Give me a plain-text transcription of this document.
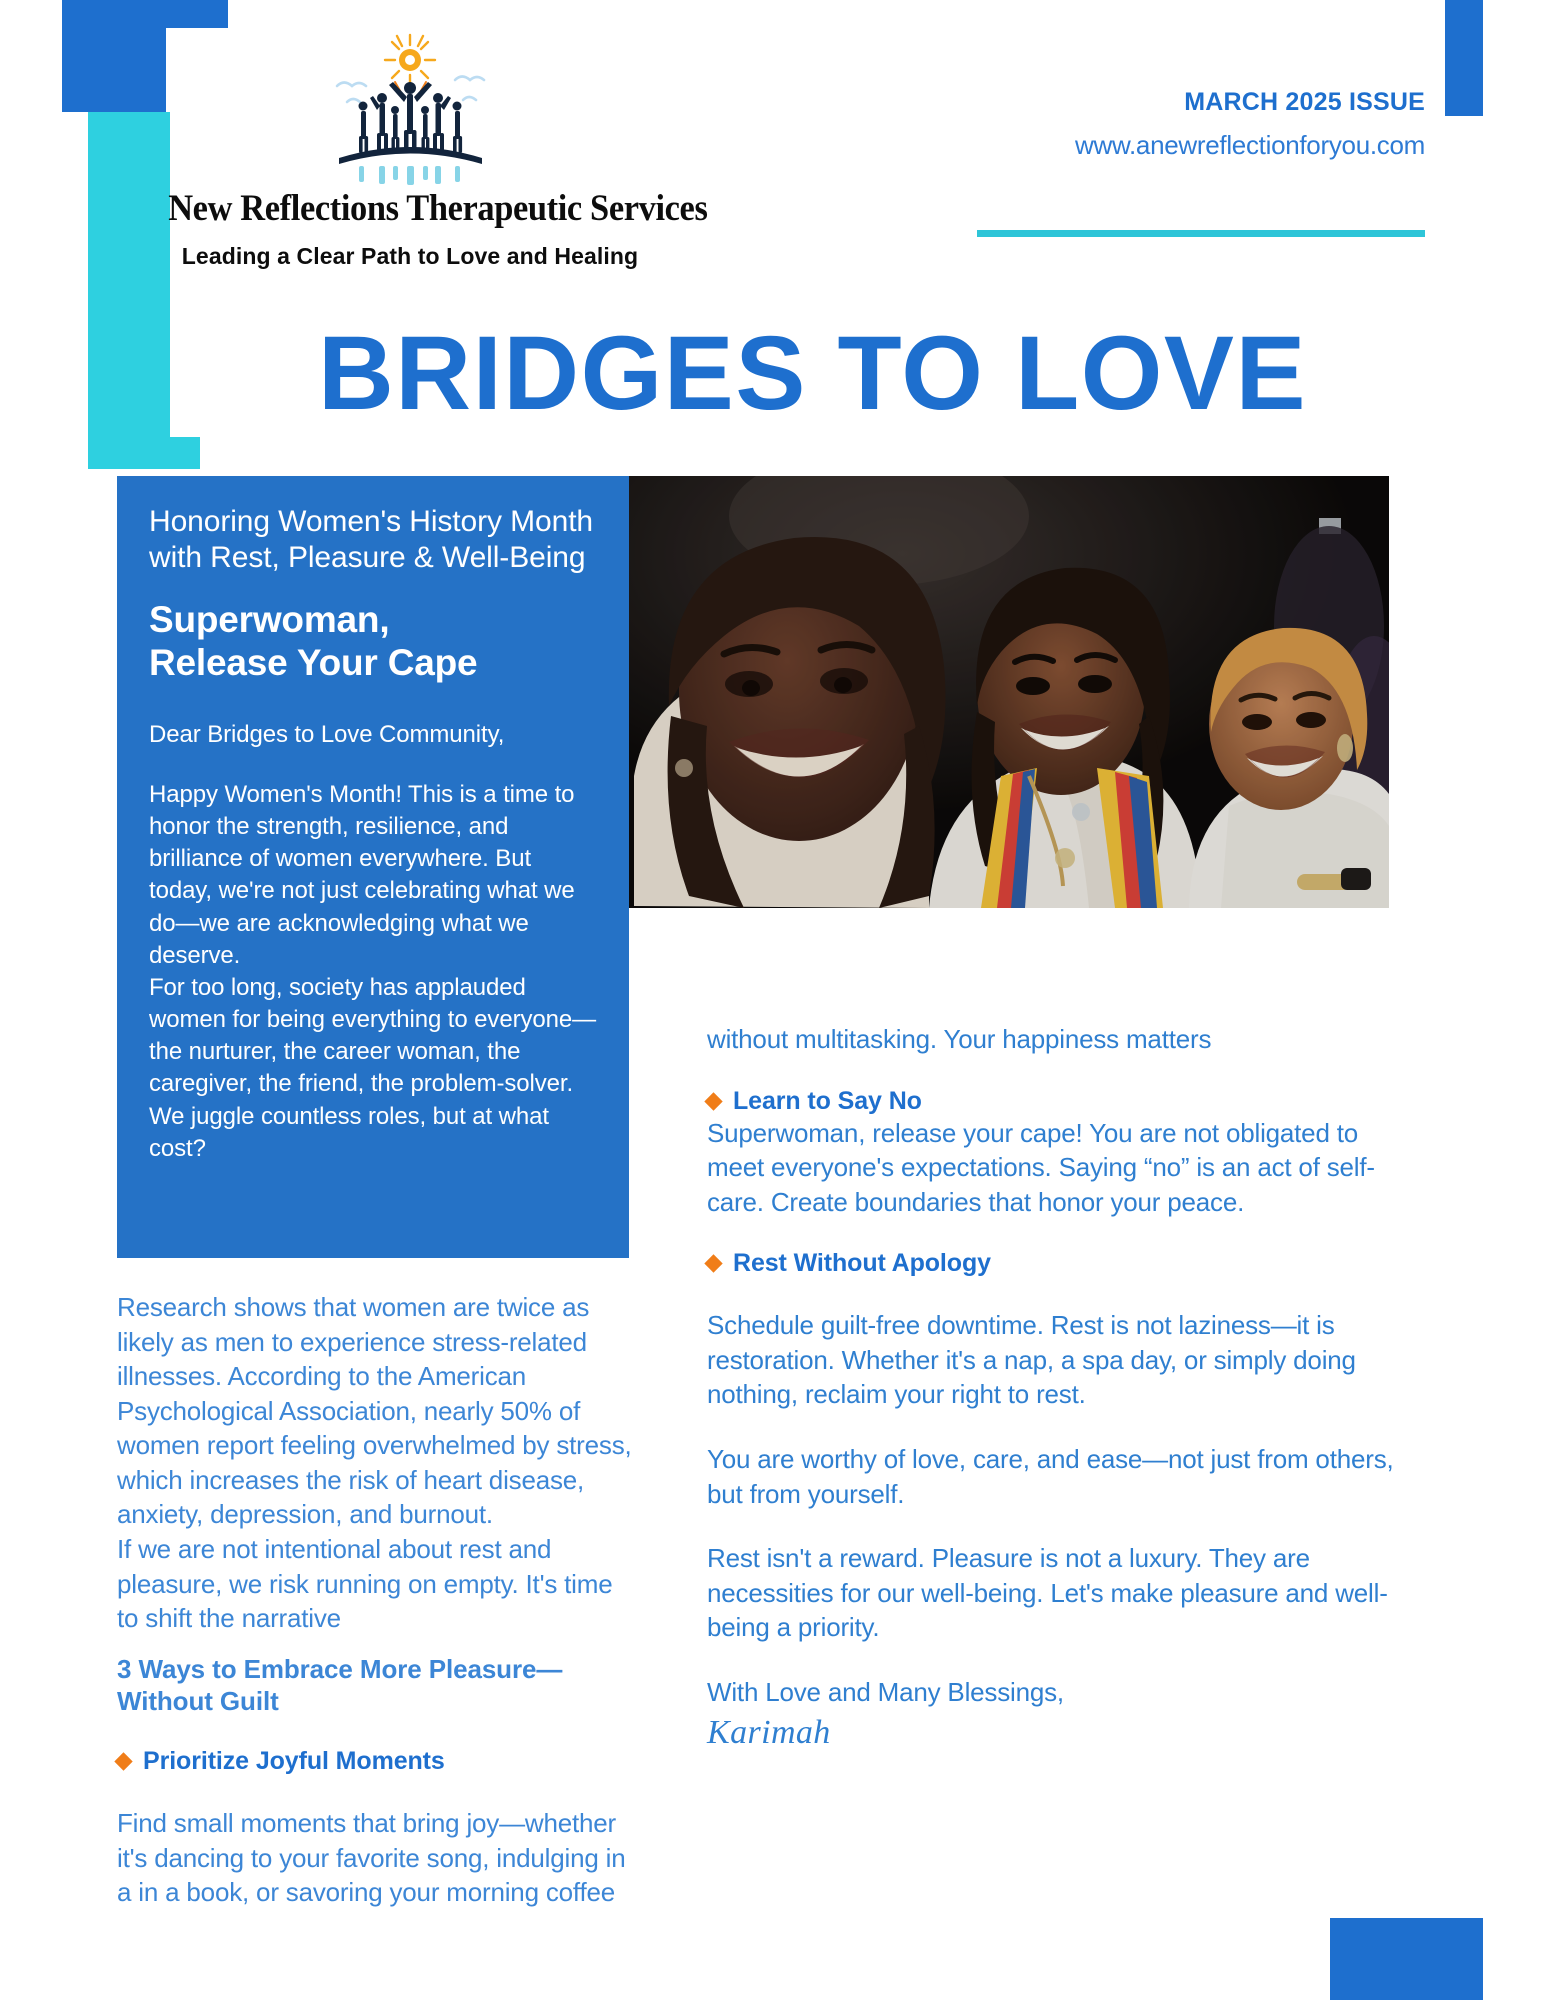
New Reflections Therapeutic Services
Leading a Clear Path to Love and Healing
MARCH 2025 ISSUE
www.anewreflectionforyou.com
BRIDGES TO LOVE
Honoring Women's History Month with Rest, Pleasure & Well-Being
Superwoman,
Release Your Cape

Dear Bridges to Love Community,

Happy Women's Month! This is a time to honor the strength, resilience, and brilliance of women everywhere. But today, we're not just celebrating what we do—we are acknowledging what we deserve.

For too long, society has applauded women for being everything to everyone—the nurturer, the career woman, the caregiver, the friend, the problem-solver. We juggle countless roles, but at what cost?

Research shows that women are twice as likely as men to experience stress-related illnesses. According to the American Psychological Association, nearly 50% of women report feeling overwhelmed by stress, which increases the risk of heart disease, anxiety, depression, and burnout.
If we are not intentional about rest and pleasure, we risk running on empty. It's time to shift the narrative
3 Ways to Embrace More Pleasure—Without Guilt
Prioritize Joyful Moments
Find small moments that bring joy—whether it's dancing to your favorite song, indulging in a in a book, or savoring your morning coffee
without multitasking. Your happiness matters
Learn to Say No
Superwoman, release your cape! You are not obligated to meet everyone's expectations. Saying “no” is an act of self-care. Create boundaries that honor your peace.
Rest Without Apology
Schedule guilt-free downtime. Rest is not laziness—it is restoration. Whether it's a nap, a spa day, or simply doing nothing, reclaim your right to rest.
You are worthy of love, care, and ease—not just from others, but from yourself.
Rest isn't a reward. Pleasure is not a luxury. They are necessities for our well-being. Let's make pleasure and well-being a priority.
With Love and Many Blessings,
Karimah
